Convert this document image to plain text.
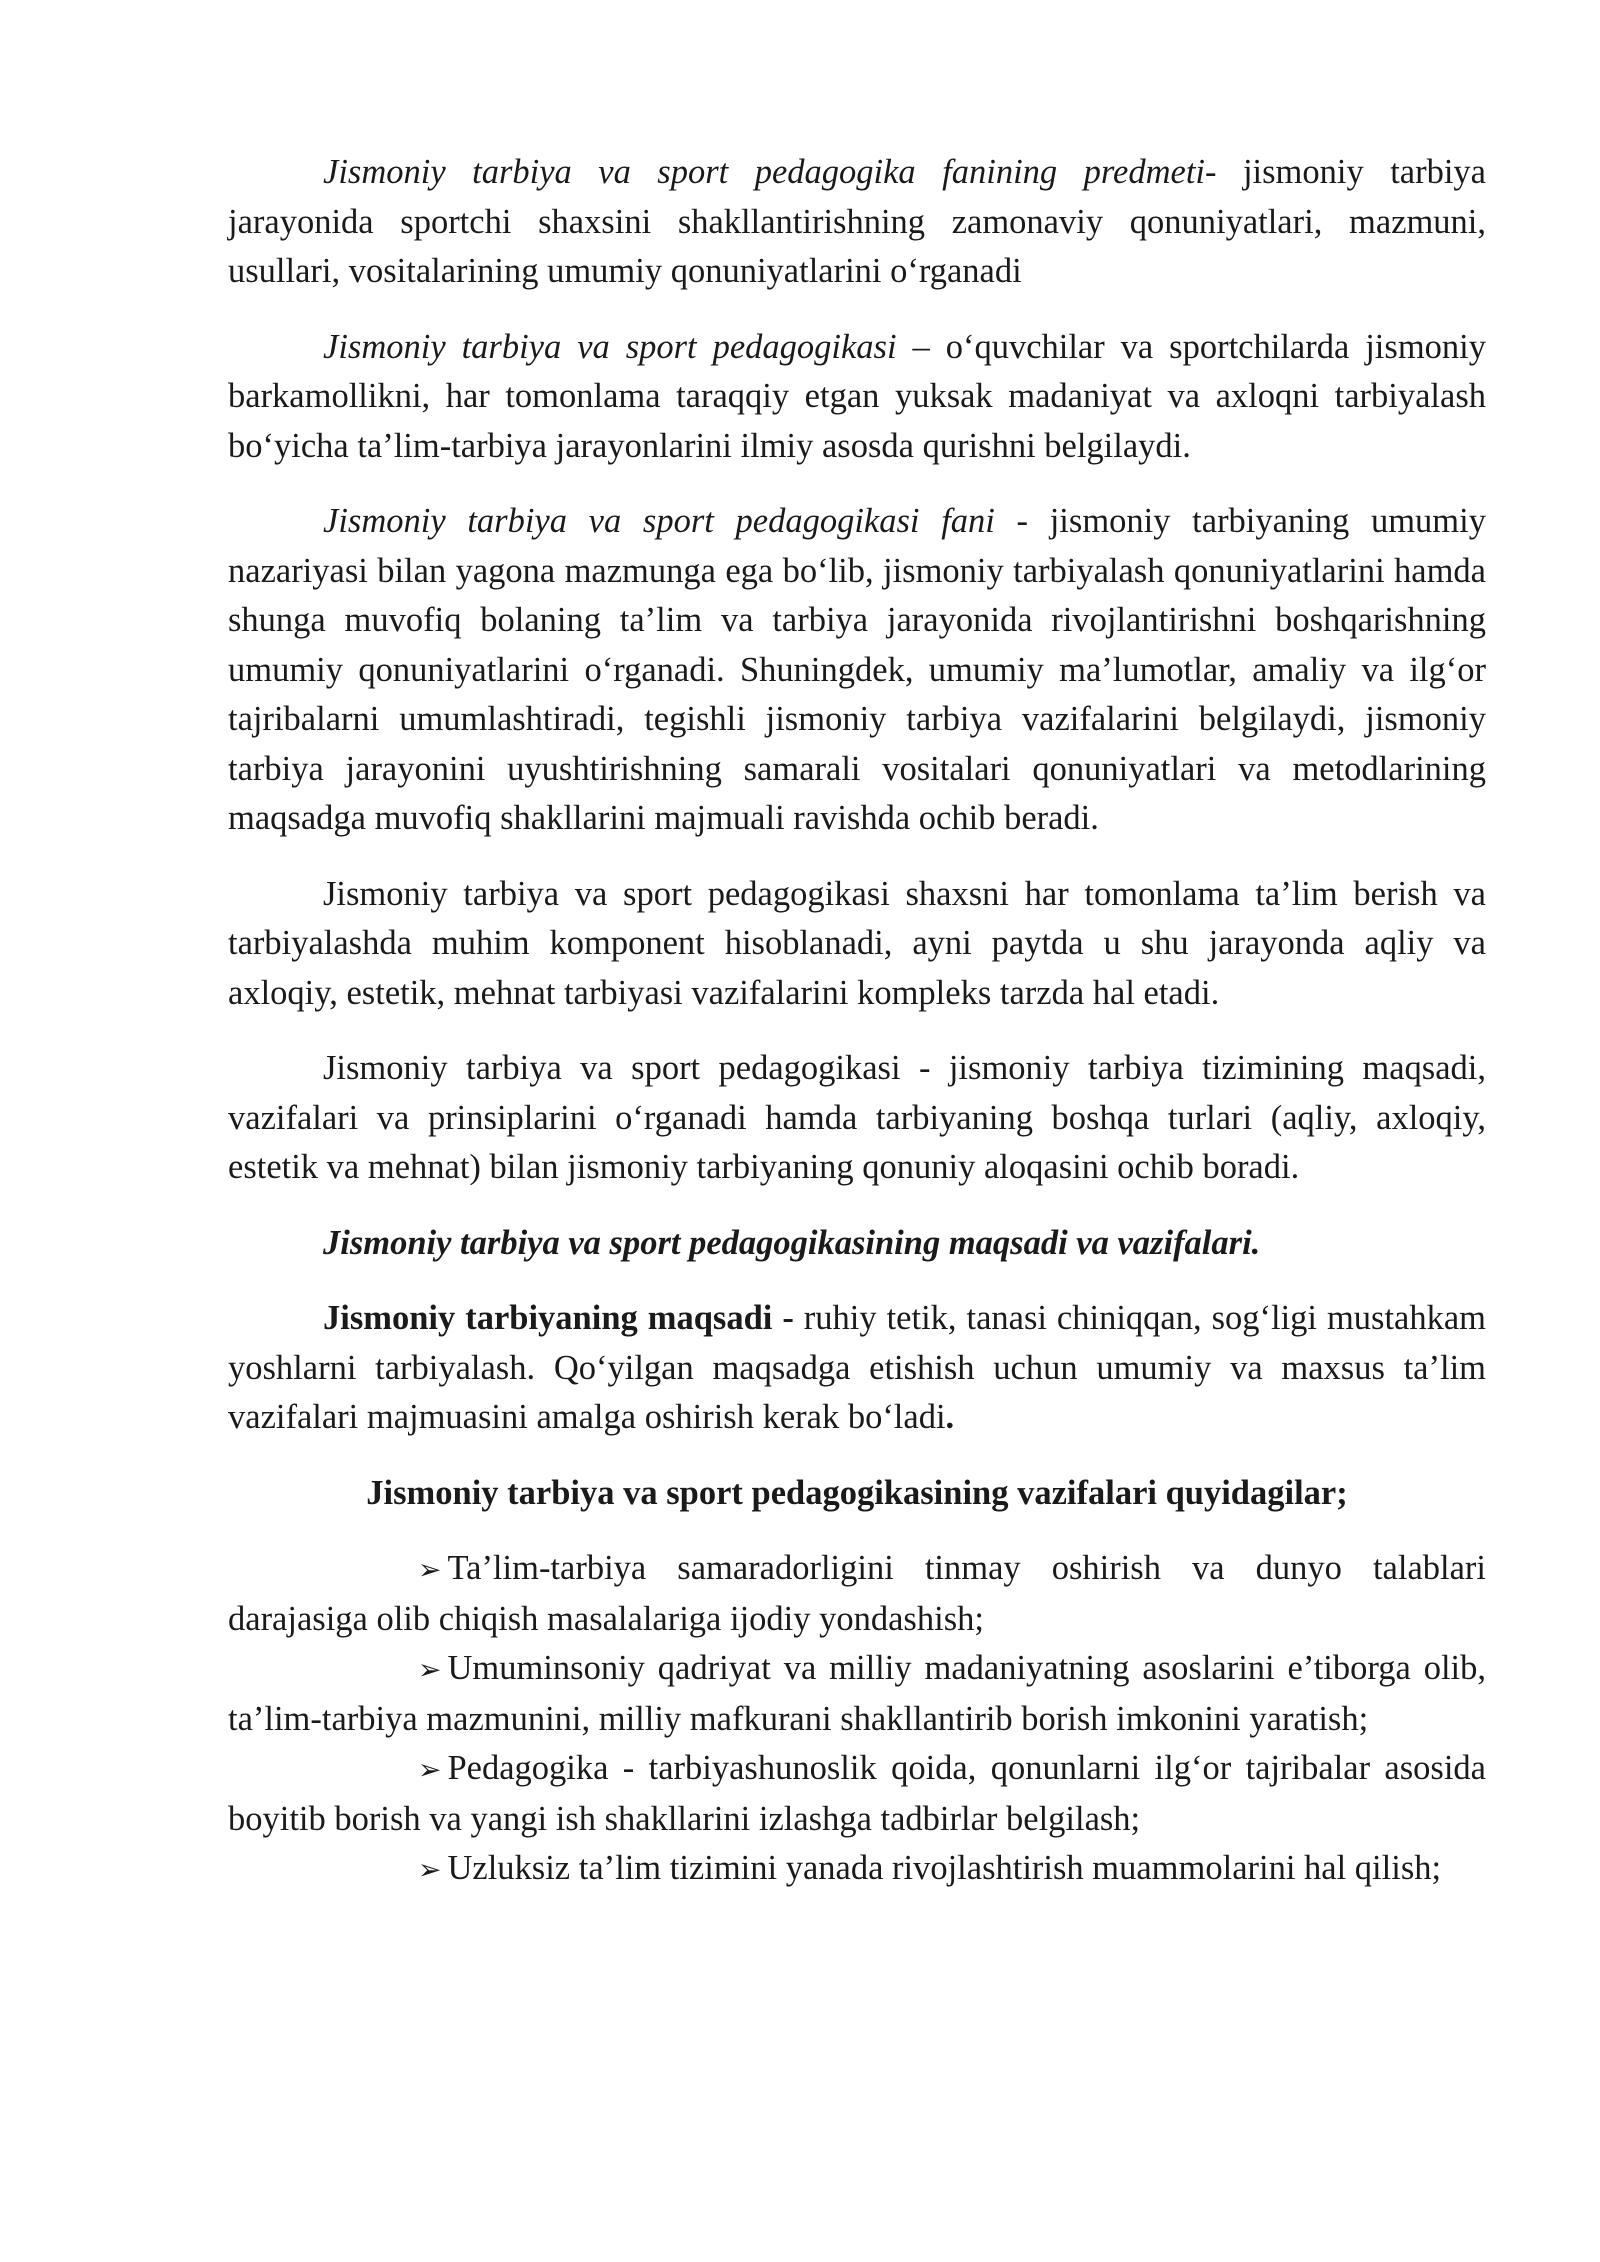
Jismoniy tarbiya va sport pedagogika fanining predmeti- jismoniy tarbiya jarayonida sportchi shaxsini shakllantirishning zamonaviy qonuniyatlari, mazmuni, usullari, vositalarining umumiy qonuniyatlarini o‘rganadi

Jismoniy tarbiya va sport pedagogikasi – o‘quvchilar va sportchilarda jismoniy barkamollikni, har tomonlama taraqqiy etgan yuksak madaniyat va axloqni tarbiyalash bo‘yicha ta’lim-tarbiya jarayonlarini ilmiy asosda qurishni belgilaydi.

Jismoniy tarbiya va sport pedagogikasi fani - jismoniy tarbiyaning umumiy nazariyasi bilan yagona mazmunga ega bo‘lib, jismoniy tarbiyalash qonuniyatlarini hamda shunga muvofiq bolaning ta’lim va tarbiya jarayonida rivojlantirishni boshqarishning umumiy qonuniyatlarini o‘rganadi. Shuningdek, umumiy ma’lumotlar, amaliy va ilg‘or tajribalarni umumlashtiradi, tegishli jismoniy tarbiya vazifalarini belgilaydi, jismoniy tarbiya jarayonini uyushtirishning samarali vositalari qonuniyatlari va metodlarining maqsadga muvofiq shakllarini majmuali ravishda ochib beradi.

Jismoniy tarbiya va sport pedagogikasi shaxsni har tomonlama ta’lim berish va tarbiyalashda muhim komponent hisoblanadi, ayni paytda u shu jarayonda aqliy va axloqiy, estetik, mehnat tarbiyasi vazifalarini kompleks tarzda hal etadi.

Jismoniy tarbiya va sport pedagogikasi - jismoniy tarbiya tizimining maqsadi, vazifalari va prinsiplarini o‘rganadi hamda tarbiyaning boshqa turlari (aqliy, axloqiy, estetik va mehnat) bilan jismoniy tarbiyaning qonuniy aloqasini ochib boradi.

Jismoniy tarbiya va sport pedagogikasining maqsadi va vazifalari.

Jismoniy tarbiyaning maqsadi - ruhiy tetik, tanasi chiniqqan, sog‘ligi mustahkam yoshlarni tarbiyalash. Qo‘yilgan maqsadga etishish uchun umumiy va maxsus ta’lim vazifalari majmuasini amalga oshirish kerak bo‘ladi.

Jismoniy tarbiya va sport pedagogikasining vazifalari quyidagilar;

➢ Ta’lim-tarbiya samaradorligini tinmay oshirish va dunyo talablari darajasiga olib chiqish masalalariga ijodiy yondashish;

➢ Umuminsoniy qadriyat va milliy madaniyatning asoslarini e’tiborga olib, ta’lim-tarbiya mazmunini, milliy mafkurani shakllantirib borish imkonini yaratish;

➢ Pedagogika - tarbiyashunoslik qoida, qonunlarni ilg‘or tajribalar asosida boyitib borish va yangi ish shakllarini izlashga tadbirlar belgilash;

➢ Uzluksiz ta’lim tizimini yanada rivojlashtirish muammolarini hal qilish;
